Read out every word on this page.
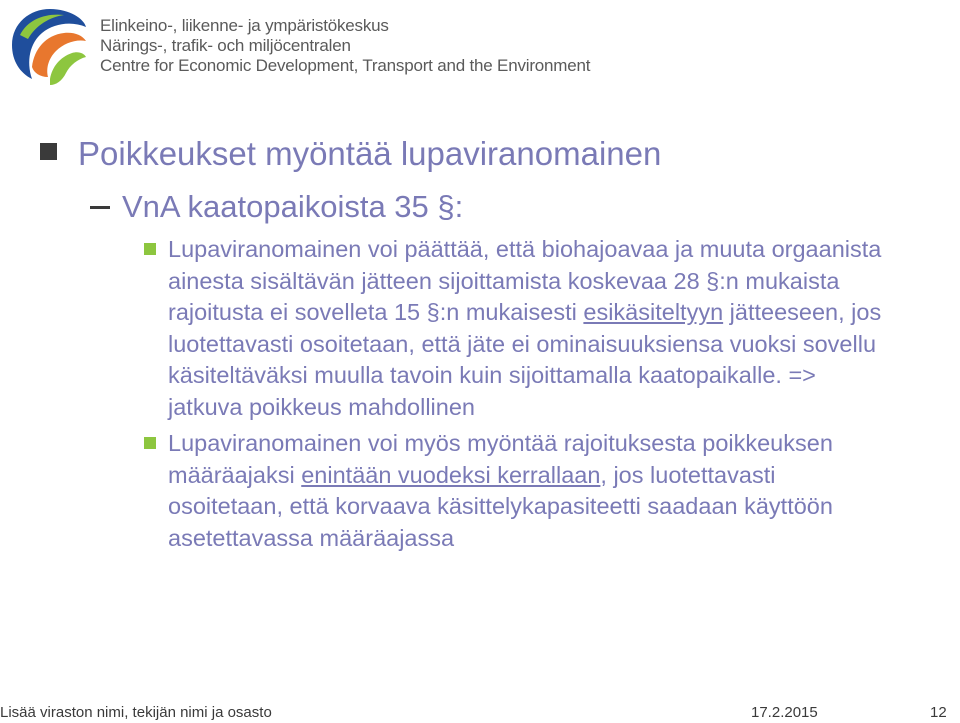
Elinkeino-, liikenne- ja ympäristökeskus
Närings-, trafik- och miljöcentralen
Centre for Economic Development, Transport and the Environment
Poikkeukset myöntää lupaviranomainen
VnA kaatopaikoista 35 §:
Lupaviranomainen voi päättää, että biohajoavaa ja muuta orgaanista
ainesta sisältävän jätteen sijoittamista koskevaa 28 §:n mukaista
rajoitusta ei sovelleta 15 §:n mukaisesti esikäsiteltyyn jätteeseen, jos
luotettavasti osoitetaan, että jäte ei ominaisuuksiensa vuoksi sovellu
käsiteltäväksi muulla tavoin kuin sijoittamalla kaatopaikalle. =>
jatkuva poikkeus mahdollinen
Lupaviranomainen voi myös myöntää rajoituksesta poikkeuksen
määräajaksi enintään vuodeksi kerrallaan, jos luotettavasti
osoitetaan, että korvaava käsittelykapasiteetti saadaan käyttöön
asetettavassa määräajassa
Lisää viraston nimi, tekijän nimi ja osasto	17.2.2015	12
